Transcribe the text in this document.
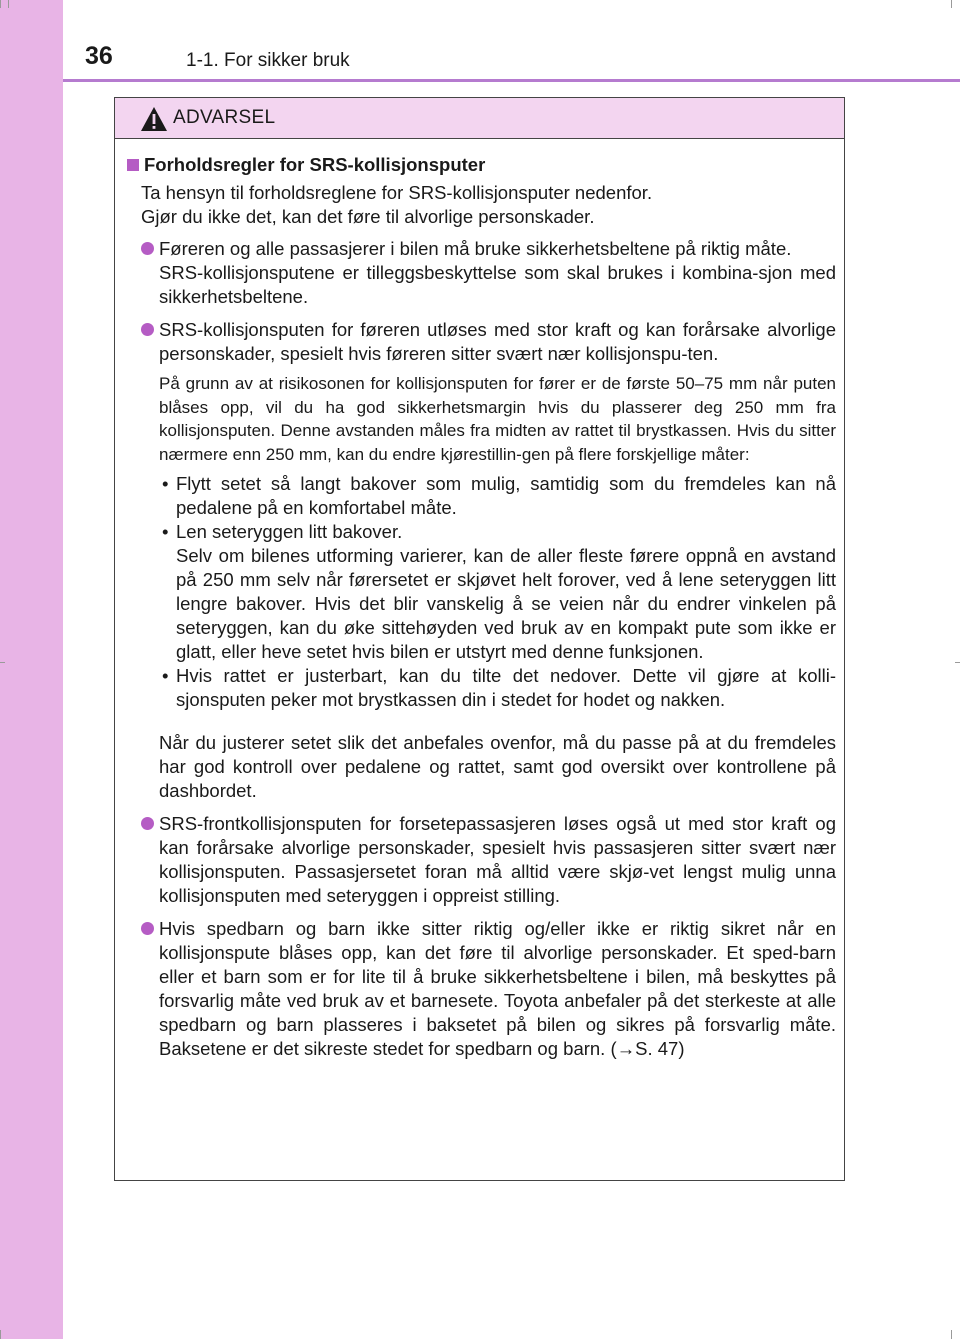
36	1-1. For sikker bruk
ADVARSEL
Forholdsregler for SRS-kollisjonsputer

Ta hensyn til forholdsreglene for SRS-kollisjonsputer nedenfor.

Gjør du ikke det, kan det føre til alvorlige personskader.

Føreren og alle passasjerer i bilen må bruke sikkerhetsbeltene på riktig måte.

SRS-kollisjonsputene er tilleggsbeskyttelse som skal brukes i kombina-sjon med sikkerhetsbeltene.

SRS-kollisjonsputen for føreren utløses med stor kraft og kan forårsake alvorlige personskader, spesielt hvis føreren sitter svært nær kollisjonspu-ten.

På grunn av at risikosonen for kollisjonsputen for fører er de første 50–75 mm når puten blåses opp, vil du ha god sikkerhetsmargin hvis du plasserer deg 250 mm fra kollisjonsputen. Denne avstanden måles fra midten av rattet til brystkassen. Hvis du sitter nærmere enn 250 mm, kan du endre kjørestillin-gen på flere forskjellige måter:

• Flytt setet så langt bakover som mulig, samtidig som du fremdeles kan nå pedalene på en komfortabel måte.

• Len seteryggen litt bakover.

Selv om bilenes utforming varierer, kan de aller fleste førere oppnå en avstand på 250 mm selv når førersetet er skjøvet helt forover, ved å lene seteryggen litt lengre bakover. Hvis det blir vanskelig å se veien når du endrer vinkelen på seteryggen, kan du øke sittehøyden ved bruk av en kompakt pute som ikke er glatt, eller heve setet hvis bilen er utstyrt med denne funksjonen.

• Hvis rattet er justerbart, kan du tilte det nedover. Dette vil gjøre at kolli-sjonsputen peker mot brystkassen din i stedet for hodet og nakken.

Når du justerer setet slik det anbefales ovenfor, må du passe på at du fremdeles har god kontroll over pedalene og rattet, samt god oversikt over kontrollene på dashbordet.

SRS-frontkollisjonsputen for forsetepassasjeren løses også ut med stor kraft og kan forårsake alvorlige personskader, spesielt hvis passasjeren sitter svært nær kollisjonsputen. Passasjersetet foran må alltid være skjø-vet lengst mulig unna kollisjonsputen med seteryggen i oppreist stilling.

Hvis spedbarn og barn ikke sitter riktig og/eller ikke er riktig sikret når en kollisjonspute blåses opp, kan det føre til alvorlige personskader. Et sped-barn eller et barn som er for lite til å bruke sikkerhetsbeltene i bilen, må beskyttes på forsvarlig måte ved bruk av et barnesete. Toyota anbefaler på det sterkeste at alle spedbarn og barn plasseres i baksetet på bilen og sikres på forsvarlig måte. Baksetene er det sikreste stedet for spedbarn og barn. (→S. 47)
